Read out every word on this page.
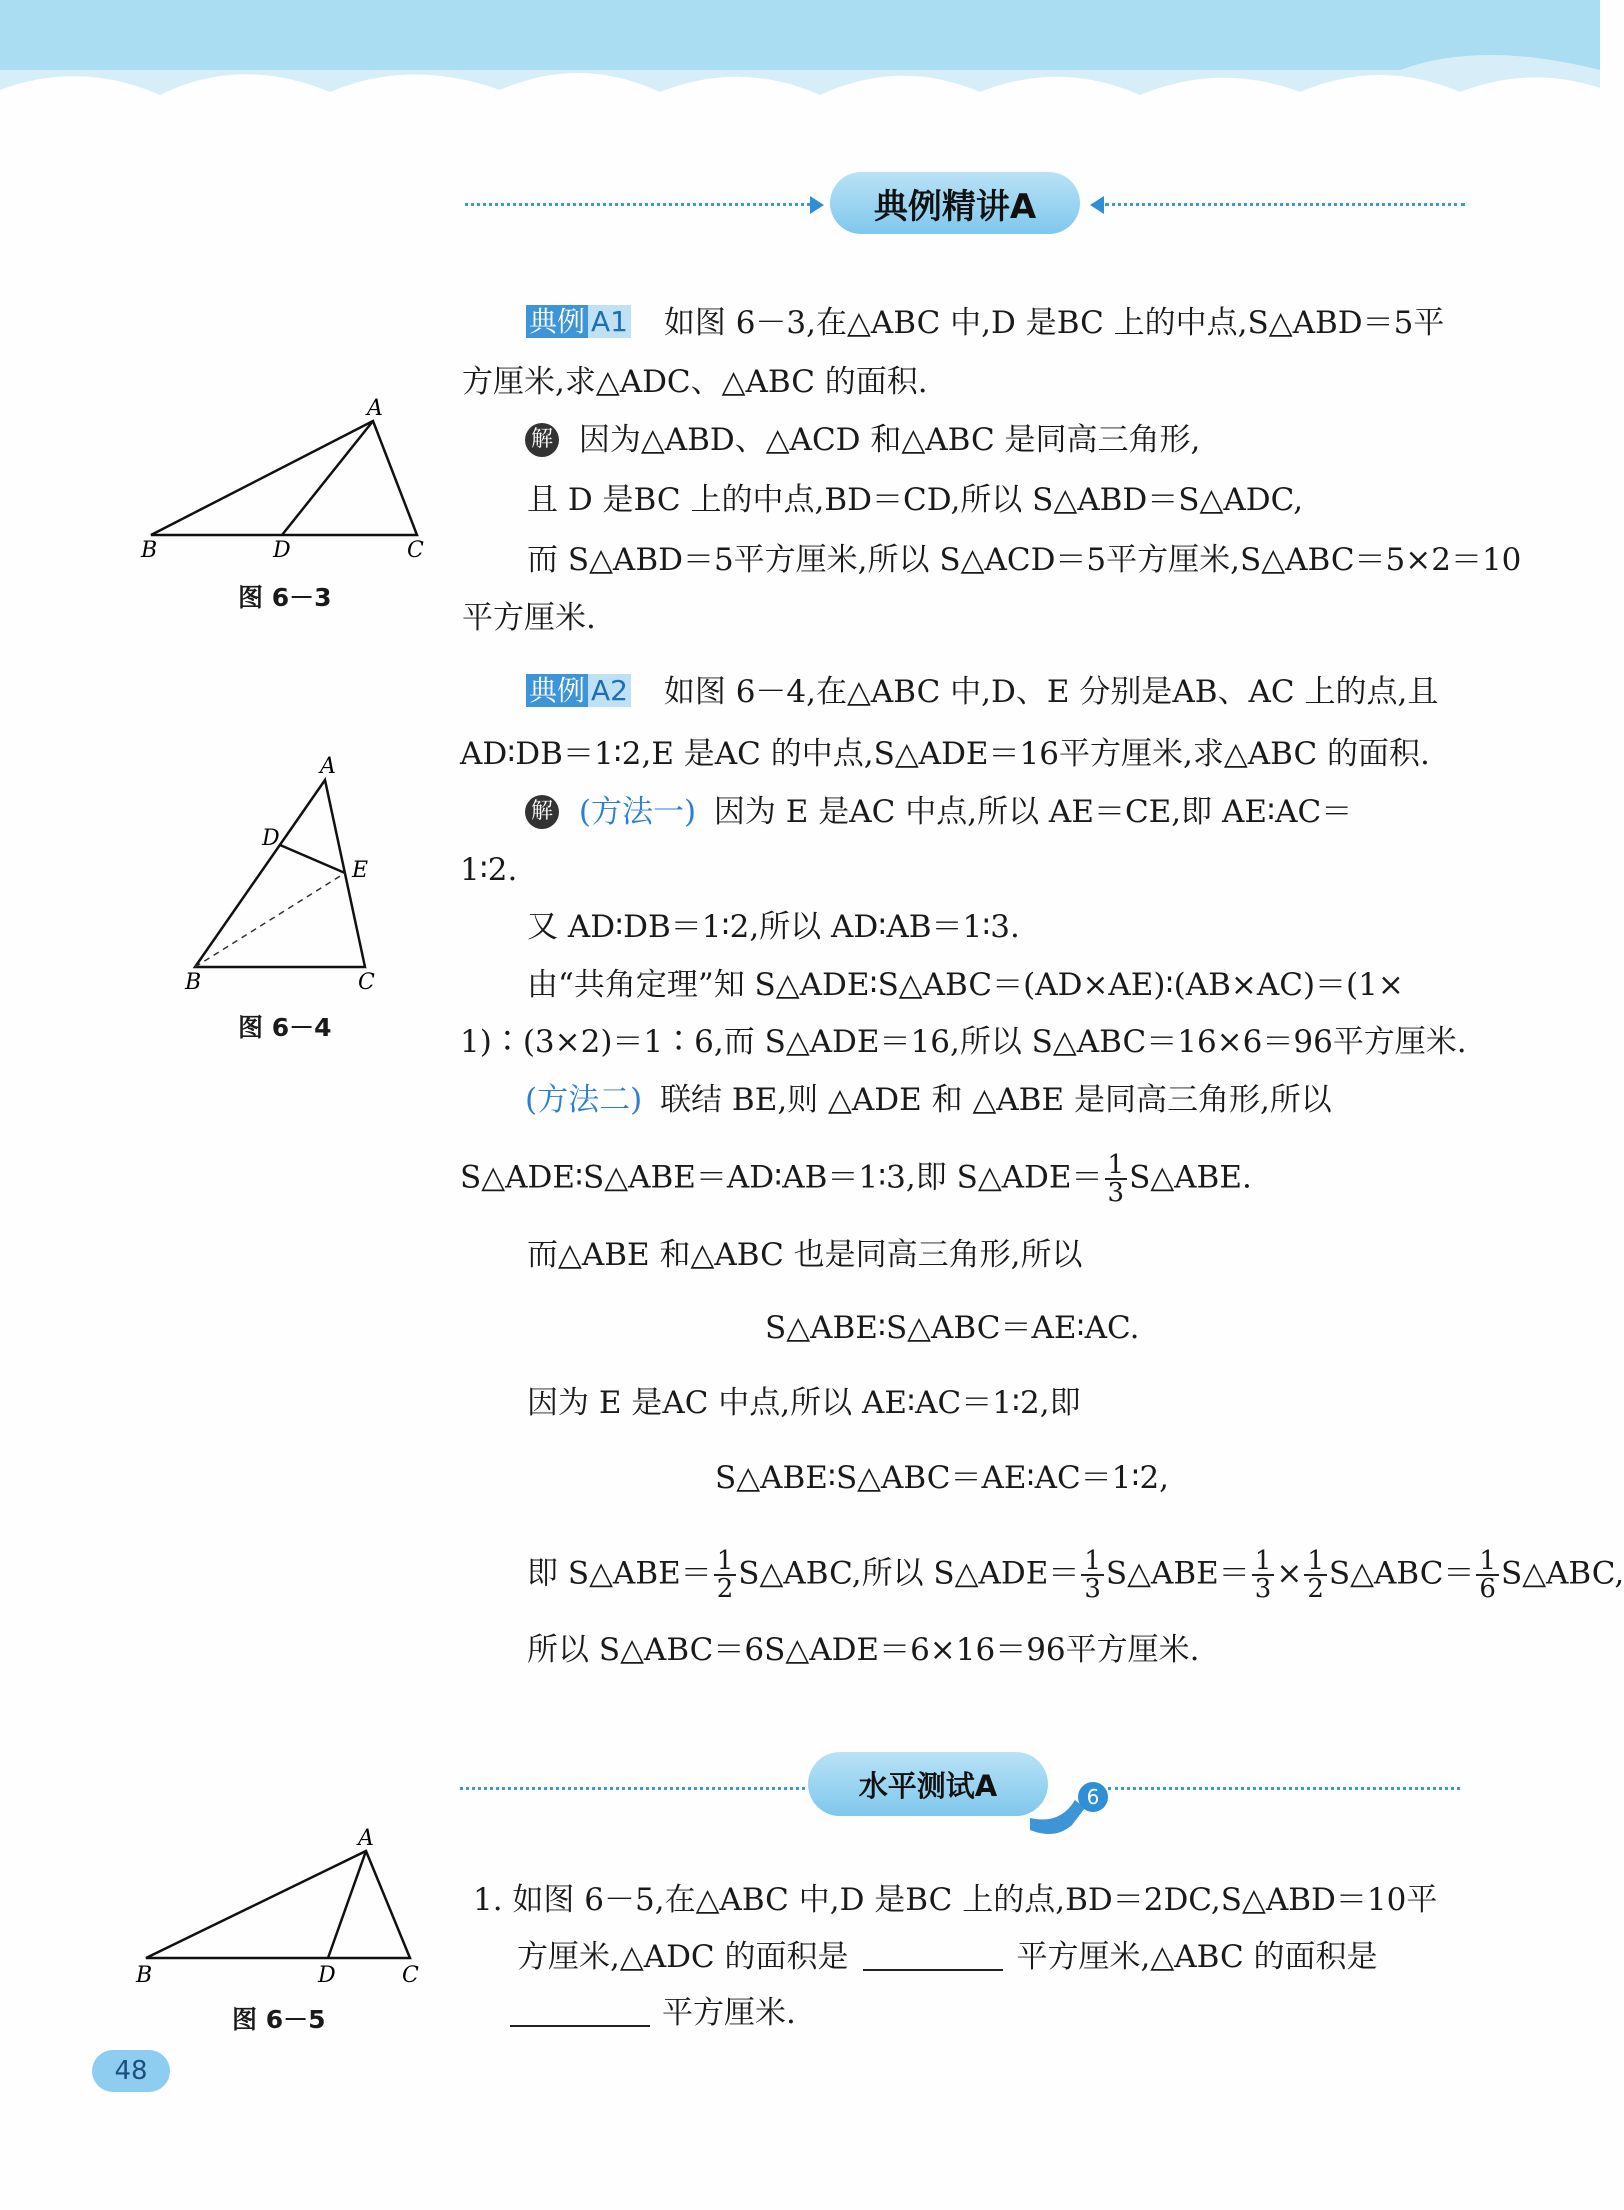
典例精讲A
A
B	D	C
图 6－3
典例 A1 如图 6－3,在△ABC 中,D 是BC 上的中点,S△ABD＝5平
方厘米,求△ADC、△ABC 的面积.
解 因为△ABD、△ACD 和△ABC 是同高三角形,
且 D 是BC 上的中点,BD＝CD,所以 S△ABD＝S△ADC,
而 S△ABD＝5平方厘米,所以 S△ACD＝5平方厘米,S△ABC＝5×2＝10
平方厘米.
A
D
E
B	C
图 6－4
典例 A2 如图 6－4,在△ABC 中,D、E 分别是AB、AC 上的点,且
AD∶DB＝1∶2,E 是AC 的中点,S△ADE＝16平方厘米,求△ABC 的面积.
解 (方法一) 因为 E 是AC 中点,所以 AE＝CE,即 AE∶AC＝
1∶2.
又 AD∶DB＝1∶2,所以 AD∶AB＝1∶3.
由“共角定理”知 S△ADE∶S△ABC＝(AD×AE)∶(AB×AC)＝(1×
1)∶(3×2)＝1∶6,而 S△ADE＝16,所以 S△ABC＝16×6＝96平方厘米.
(方法二) 联结 BE,则 △ADE 和 △ABE 是同高三角形,所以
S△ADE∶S△ABE＝AD∶AB＝1∶3,即 S△ADE＝ $\frac{1}{3}$ S△ABE.
而△ABE 和△ABC 也是同高三角形,所以
S△ABE∶S△ABC＝AE∶AC.
因为 E 是AC 中点,所以 AE∶AC＝1∶2,即
S△ABE∶S△ABC＝AE∶AC＝1∶2,
即 S△ABE＝ $\frac{1}{2}$ S△ABC,所以 S△ADE＝ $\frac{1}{3}$ S△ABE＝ $\frac{1}{3} \times \frac{1}{2}$ S△ABC＝ $\frac{1}{6}$ S△ABC,
所以 S△ABC＝6S△ADE＝6×16＝96平方厘米.
水平测试A	6
A
B	D	C
图 6－5
1. 如图 6－5,在△ABC 中,D 是BC 上的点,BD＝2DC,S△ABD＝10平
方厘米,△ADC 的面积是	平方厘米,△ABC 的面积是
平方厘米.
48
